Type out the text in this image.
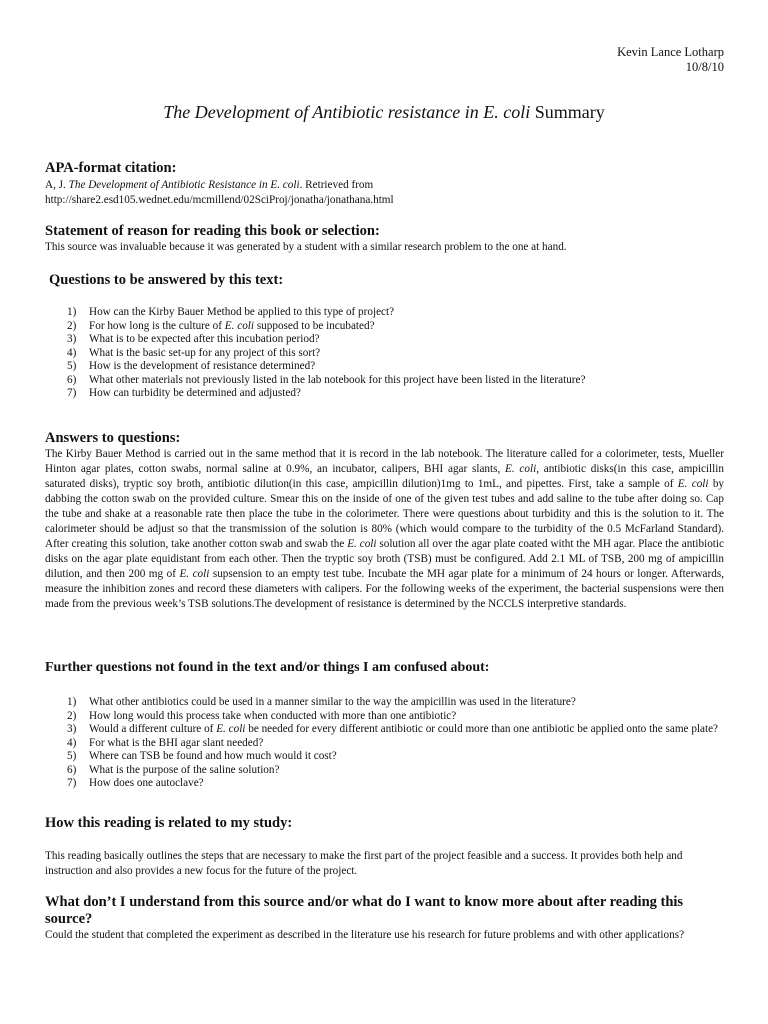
Kevin Lance Lotharp
10/8/10
The Development of Antibiotic resistance in E. coli Summary
APA-format citation:
A, J. The Development of Antibiotic Resistance in E. coli. Retrieved from
http://share2.esd105.wednet.edu/mcmillend/02SciProj/jonatha/jonathana.html
Statement of reason for reading this book or selection:
This source was invaluable because it was generated by a student with a similar research problem to the one at hand.
Questions to be answered by this text:
1) How can the Kirby Bauer Method be applied to this type of project?
2) For how long is the culture of E. coli supposed to be incubated?
3) What is to be expected after this incubation period?
4) What is the basic set-up for any project of this sort?
5) How is the development of resistance determined?
6) What other materials not previously listed in the lab notebook for this project have been listed in the literature?
7) How can turbidity be determined and adjusted?
Answers to questions:
The Kirby Bauer Method is carried out in the same method that it is record in the lab notebook. The literature called for a colorimeter, tests, Mueller Hinton agar plates, cotton swabs, normal saline at 0.9%, an incubator, calipers, BHI agar slants, E. coli, antibiotic disks(in this case, ampicillin saturated disks), tryptic soy broth, antibiotic dilution(in this case, ampicillin dilution)1mg to 1mL, and pipettes. First, take a sample of E. coli by dabbing the cotton swab on the provided culture. Smear this on the inside of one of the given test tubes and add saline to the tube after doing so. Cap the tube and shake at a reasonable rate then place the tube in the colorimeter. There were questions about turbidity and this is the solution to it. The calorimeter should be adjust so that the transmission of the solution is 80% (which would compare to the turbidity of the 0.5 McFarland Standard). After creating this solution, take another cotton swab and swab the E. coli solution all over the agar plate coated witht the MH agar. Place the antibiotic disks on the agar plate equidistant from each other. Then the tryptic soy broth (TSB) must be configured. Add 2.1 ML of TSB, 200 mg of ampicillin dilution, and then 200 mg of E. coli supsension to an empty test tube. Incubate the MH agar plate for a minimum of 24 hours or longer. Afterwards, measure the inhibition zones and record these diameters with calipers. For the following weeks of the experiment, the bacterial suspensions were then made from the previous week’s TSB solutions.The development of resistance is determined by the NCCLS interpretive standards.
Further questions not found in the text and/or things I am confused about:
1) What other antibiotics could be used in a manner similar to the way the ampicillin was used in the literature?
2) How long would this process take when conducted with more than one antibiotic?
3) Would a different culture of E. coli be needed for every different antibiotic or could more than one antibiotic be applied onto the same plate?
4) For what is the BHI agar slant needed?
5) Where can TSB be found and how much would it cost?
6) What is the purpose of the saline solution?
7) How does one autoclave?
How this reading is related to my study:
This reading basically outlines the steps that are necessary to make the first part of the project feasible and a success. It provides both help and instruction and also provides a new focus for the future of the project.
What don’t I understand from this source and/or what do I want to know more about after reading this source?
Could the student that completed the experiment as described in the literature use his research for future problems and with other applications?
